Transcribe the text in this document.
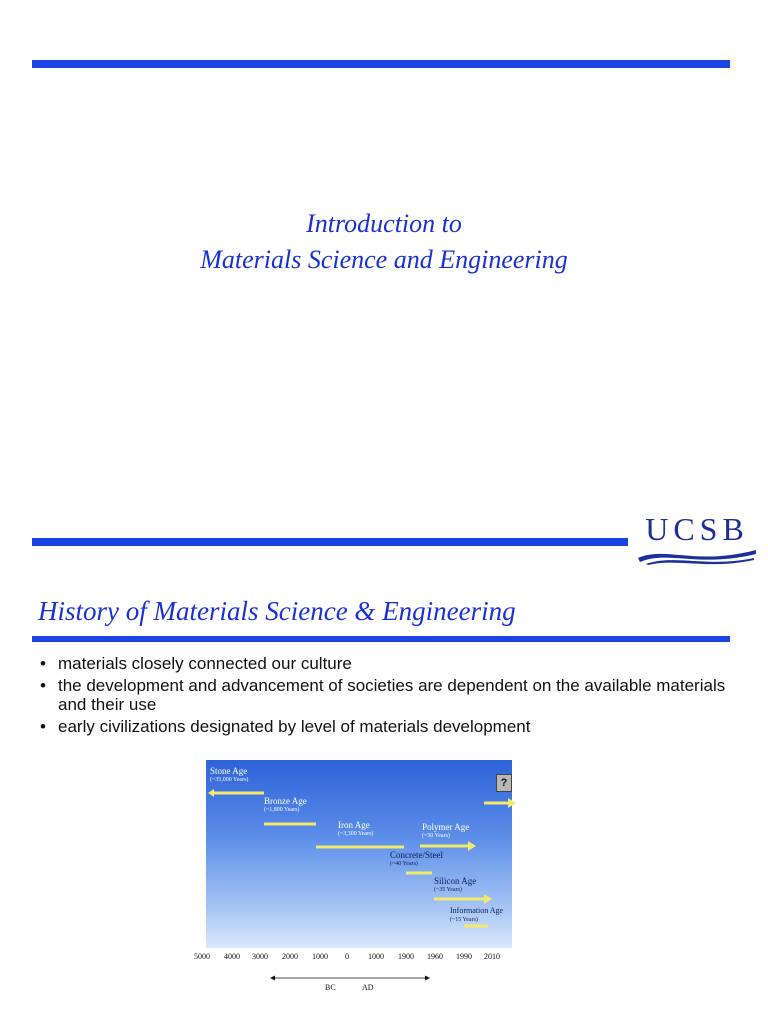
Introduction to
Materials Science and Engineering
UCSB
History of Materials Science & Engineering
• materials closely connected our culture
• the development and advancement of societies are dependent on the available materials and their use
• early civilizations designated by level of materials development
Stone Age
(~35,000 Years)
Bronze Age
(~1,800 Years)
Iron Age
(~3,300 Years)
Polymer Age
(~50 Years)
Concrete/Steel
(~40 Years)
Silicon Age
(~35 Years)
Information Age
(~15 Years)
?
5000 4000 3000 2000 1000 0 1000 1900 1960 1990 2010
BC	AD
